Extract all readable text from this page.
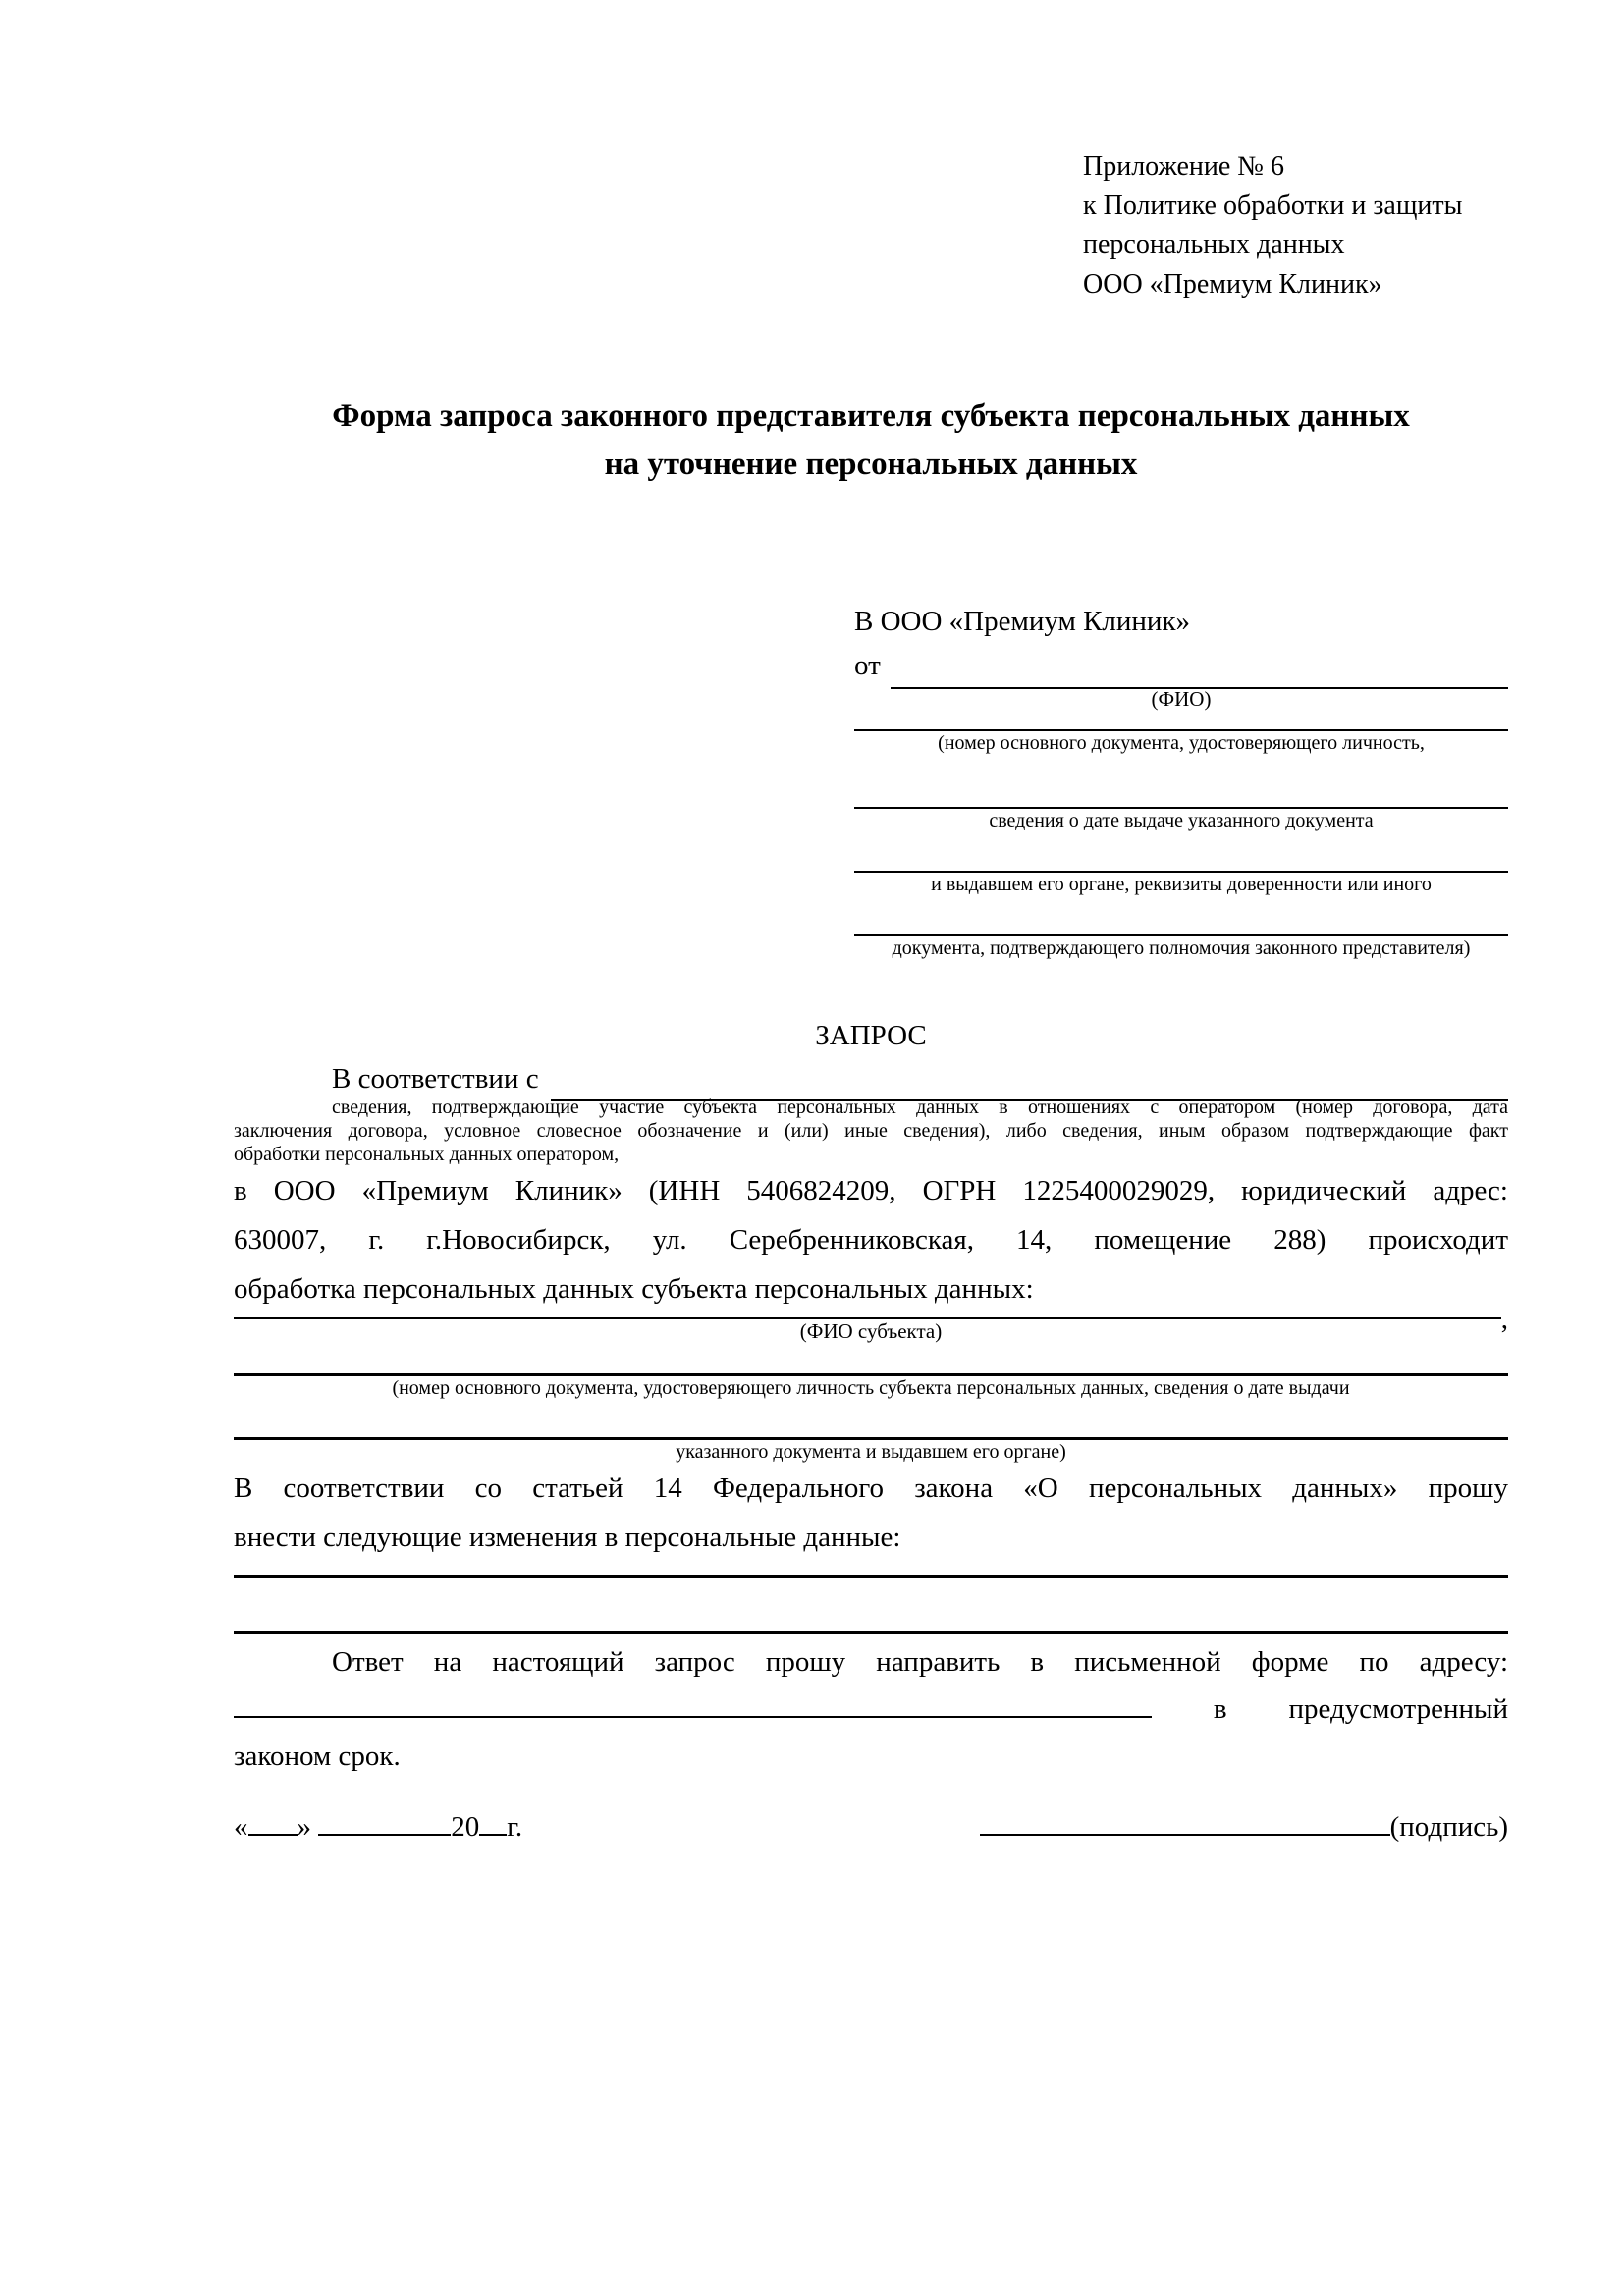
Приложение № 6
к Политике обработки и защиты
персональных данных
ООО «Премиум Клиник»
Форма запроса законного представителя субъекта персональных данных
на уточнение персональных данных
В ООО «Премиум Клиник»
от

(ФИО)
(номер основного документа, удостоверяющего личность,
сведения о дате выдаче указанного документа
и выдавшем его органе, реквизиты доверенности или иного
документа, подтверждающего полномочия законного представителя)
ЗАПРОС
В соответствии с

сведения, подтверждающие участие субъекта персональных данных в отношениях с оператором (номер договора, дата
заключения договора, условное словесное обозначение и (или) иные сведения), либо сведения, иным образом подтверждающие факт
обработки персональных данных оператором,
в ООО «Премиум Клиник» (ИНН 5406824209, ОГРН 1225400029029, юридический адрес:
630007, г. г.Новосибирск, ул. Серебренниковская, 14, помещение 288) происходит
обработка персональных данных субъекта персональных данных:
,
(ФИО субъекта)
(номер основного документа, удостоверяющего личность субъекта персональных данных, сведения о дате выдачи
указанного документа и выдавшем его органе)
В соответствии со статьей 14 Федерального закона «О персональных данных» прошу
внести следующие изменения в персональные данные:
Ответ на настоящий запрос прошу направить в письменной форме по адресу:
в предусмотренный
законом срок.
« »	20 г.	(подпись)
